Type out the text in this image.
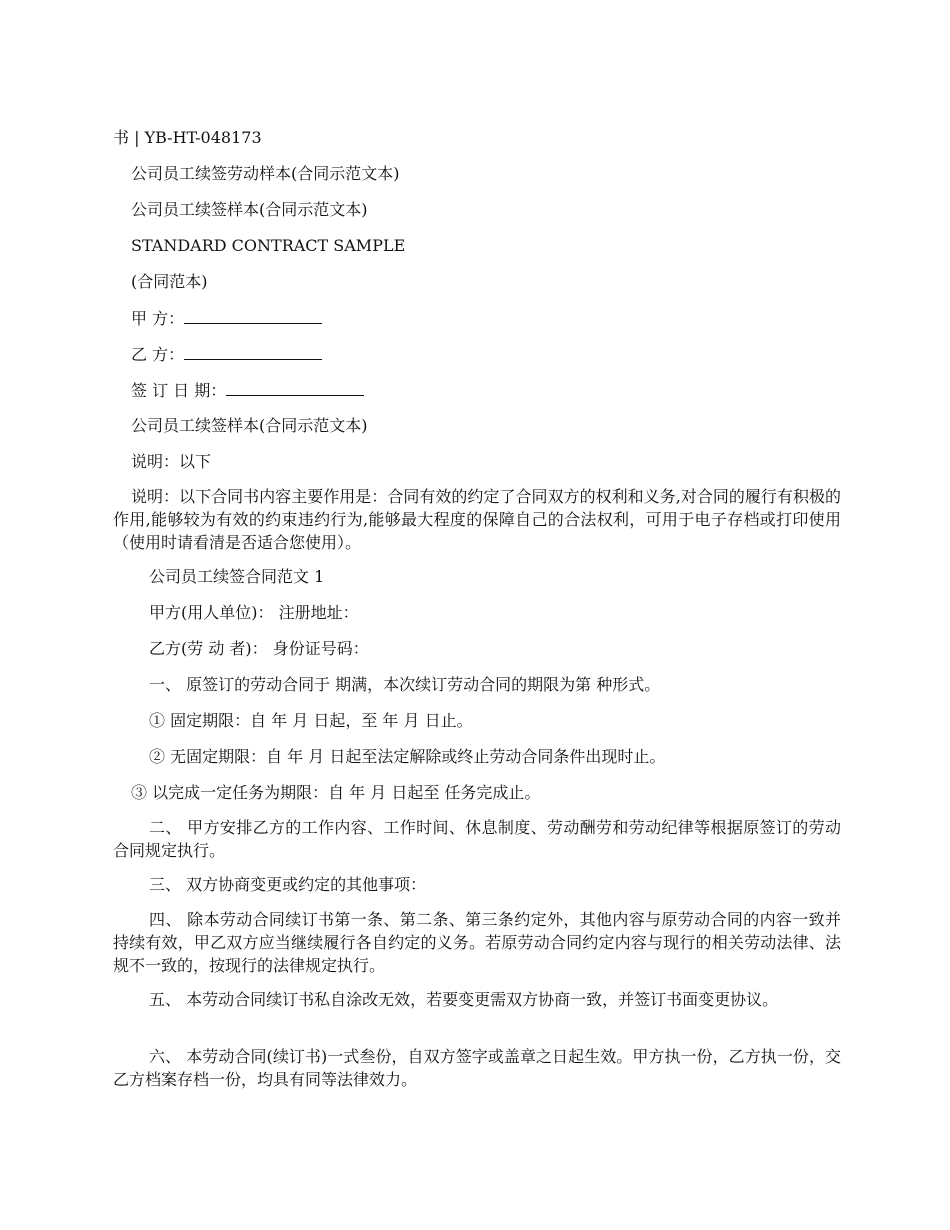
书 | YB-HT-048173
公司员工续签劳动样本(合同示范文本)
公司员工续签样本(合同示范文本)
STANDARD CONTRACT SAMPLE
(合同范本)
甲 方：
乙 方：
签 订 日 期：
公司员工续签样本(合同示范文本)
说明：以下
说明：以下合同书内容主要作用是：合同有效的约定了合同双方的权利和义务,对合同的履行有积极的作用,能够较为有效的约束违约行为,能够最大程度的保障自己的合法权利，可用于电子存档或打印使用（使用时请看清是否适合您使用）。
公司员工续签合同范文 1
甲方(用人单位)： 注册地址：
乙方(劳 动 者)： 身份证号码：
一、 原签订的劳动合同于 期满，本次续订劳动合同的期限为第 种形式。
① 固定期限：自 年 月 日起，至 年 月 日止。
② 无固定期限：自 年 月 日起至法定解除或终止劳动合同条件出现时止。
③ 以完成一定任务为期限：自 年 月 日起至 任务完成止。
二、 甲方安排乙方的工作内容、工作时间、休息制度、劳动酬劳和劳动纪律等根据原签订的劳动合同规定执行。
三、 双方协商变更或约定的其他事项：
四、 除本劳动合同续订书第一条、第二条、第三条约定外，其他内容与原劳动合同的内容一致并持续有效，甲乙双方应当继续履行各自约定的义务。若原劳动合同约定内容与现行的相关劳动法律、法规不一致的，按现行的法律规定执行。
五、 本劳动合同续订书私自涂改无效，若要变更需双方协商一致，并签订书面变更协议。
六、 本劳动合同(续订书)一式叁份，自双方签字或盖章之日起生效。甲方执一份，乙方执一份，交乙方档案存档一份，均具有同等法律效力。
